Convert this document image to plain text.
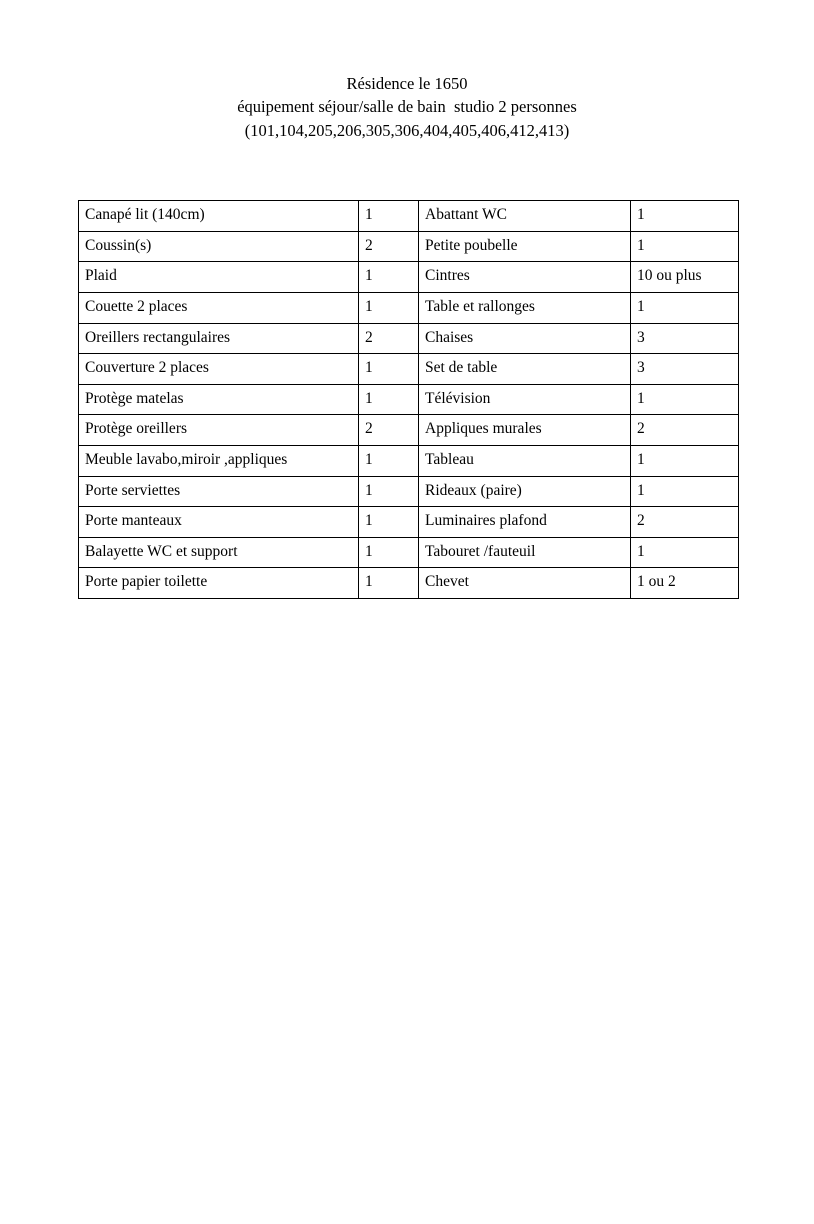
Résidence le 1650
équipement séjour/salle de bain  studio 2 personnes
(101,104,205,206,305,306,404,405,406,412,413)
Canapé lit (140cm)	1	Abattant WC	1
Coussin(s)	2	Petite poubelle	1
Plaid	1	Cintres	10 ou plus
Couette 2 places	1	Table et rallonges	1
Oreillers rectangulaires	2	Chaises	3
Couverture 2 places	1	Set de table	3
Protège matelas	1	Télévision	1
Protège oreillers	2	Appliques murales	2
Meuble lavabo,miroir ,appliques	1	Tableau	1
Porte serviettes	1	Rideaux (paire)	1
Porte manteaux	1	Luminaires plafond	2
Balayette WC et support	1	Tabouret /fauteuil	1
Porte papier toilette	1	Chevet	1 ou 2
